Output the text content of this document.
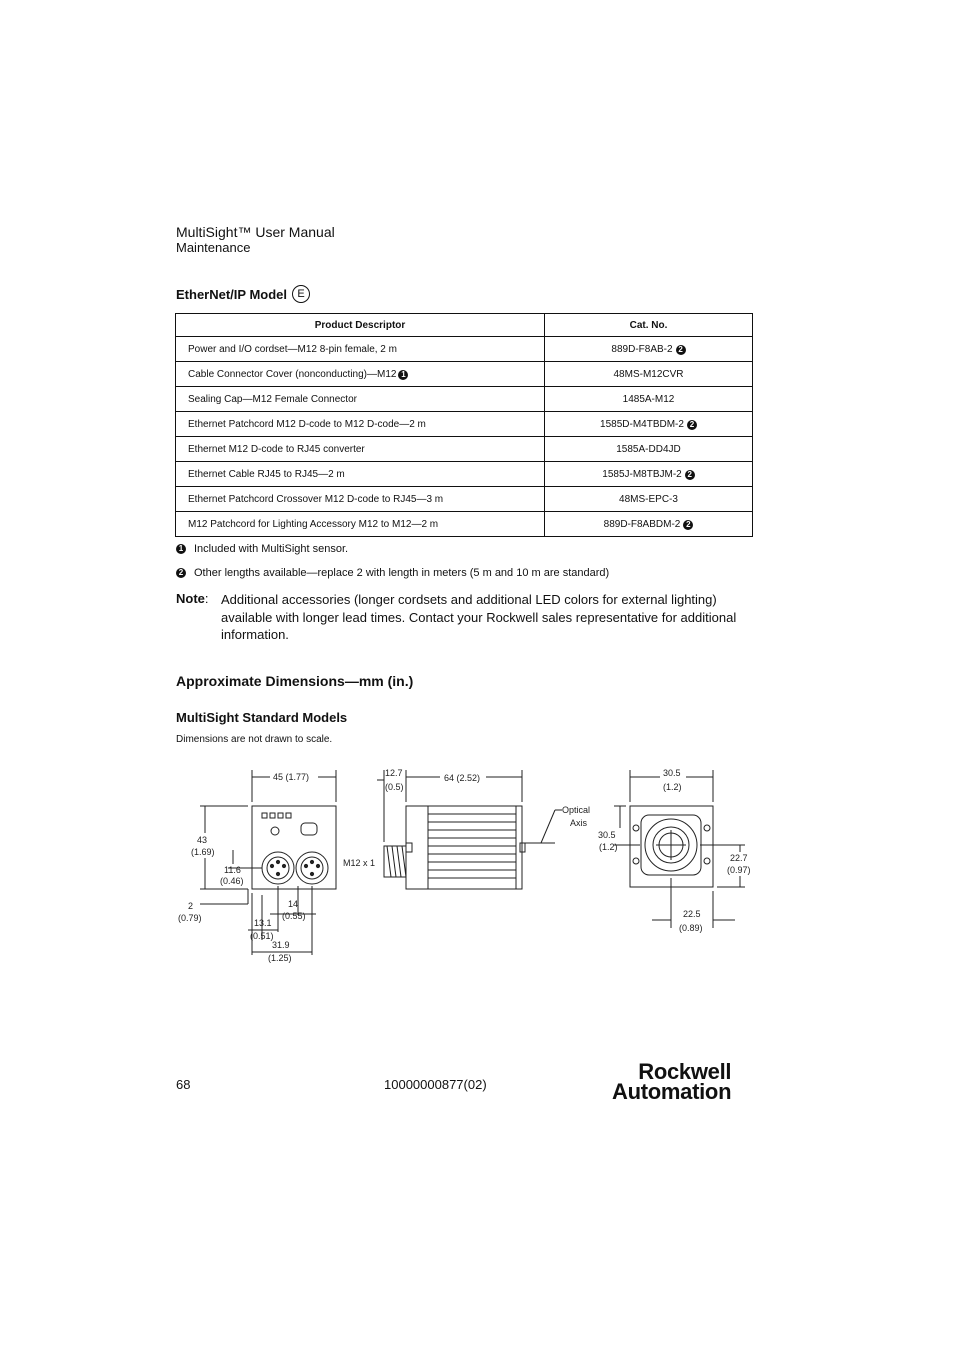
MultiSight™ User Manual
Maintenance
EtherNet/IP Model E
Product Descriptor	Cat. No.
Power and I/O cordset—M12 8-pin female, 2 m	889D-F8AB-2 2
Cable Connector Cover (nonconducting)—M12 1	48MS-M12CVR
Sealing Cap—M12 Female Connector	1485A-M12
Ethernet Patchcord M12 D-code to M12 D-code—2 m	1585D-M4TBDM-2 2
Ethernet M12 D-code to RJ45 converter	1585A-DD4JD
Ethernet Cable RJ45 to RJ45—2 m	1585J-M8TBJM-2 2
Ethernet Patchcord Crossover M12 D-code to RJ45—3 m	48MS-EPC-3
M12 Patchcord for Lighting Accessory M12 to M12—2 m	889D-F8ABDM-2 2
1 Included with MultiSight sensor.
2 Other lengths available—replace 2 with length in meters (5 m and 10 m are standard)
Note: Additional accessories (longer cordsets and additional LED colors for external lighting) available with longer lead times. Contact your Rockwell sales representative for additional information.
Approximate Dimensions—mm (in.)
MultiSight Standard Models
Dimensions are not drawn to scale.
45 (1.77)
43
(1.69)
11.6
(0.46)
2
(0.79)
14
(0.55)
13.1
(0.51)
31.9
(1.25)
12.7
(0.5)
64 (2.52)
M12 x 1
Optical
Axis
30.5
(1.2)
30.5
(1.2)
22.7
(0.97)
22.5
(0.89)
68	10000000877(02)
Rockwell
Automation
